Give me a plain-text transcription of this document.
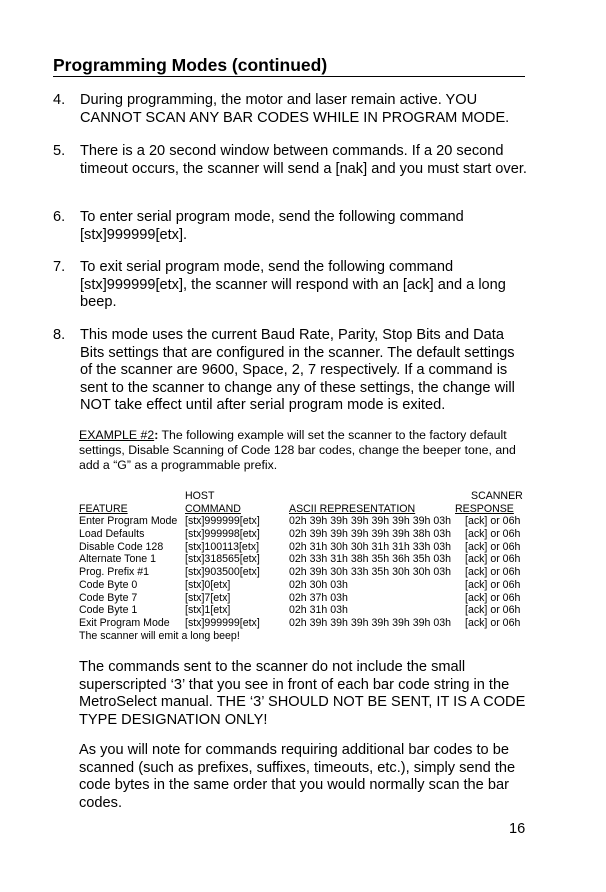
Programming Modes (continued)
4.	During programming, the motor and laser remain active. YOU CANNOT SCAN ANY BAR CODES WHILE IN PROGRAM MODE.
5.	There is a 20 second window between commands. If a 20 second timeout occurs, the scanner will send a [nak] and you must start over.
6.	To enter serial program mode, send the following command [stx]999999[etx].
7.	To exit serial program mode, send the following command [stx]999999[etx], the scanner will respond with an [ack] and a long beep.
8.	This mode uses the current Baud Rate, Parity, Stop Bits and Data Bits settings that are configured in the scanner. The default settings of the scanner are 9600, Space, 2, 7 respectively. If a command is sent to the scanner to change any of these settings, the change will NOT take effect until after serial program mode is exited.
EXAMPLE #2: The following example will set the scanner to the factory default settings, Disable Scanning of Code 128 bar codes, change the beeper tone, and add a “G” as a programmable prefix.
HOST	SCANNER
FEATURE	COMMAND	ASCII REPRESENTATION	RESPONSE
Enter Program Mode [stx]999999[etx]	02h 39h 39h 39h 39h 39h 39h 03h [ack] or 06h
Load Defaults	[stx]999998[etx]	02h 39h 39h 39h 39h 39h 38h 03h [ack] or 06h
Disable Code 128 [stx]100113[etx]	02h 31h 30h 30h 31h 31h 33h 03h [ack] or 06h
Alternate Tone 1	[stx]318565[etx]	02h 33h 31h 38h 35h 36h 35h 03h [ack] or 06h
Prog. Prefix #1	[stx]903500[etx]	02h 39h 30h 33h 35h 30h 30h 03h [ack] or 06h
Code Byte 0	[stx]0[etx]	02h 30h 03h	[ack] or 06h
Code Byte 7	[stx]7[etx]	02h 37h 03h	[ack] or 06h
Code Byte 1	[stx]1[etx]	02h 31h 03h	[ack] or 06h
Exit Program Mode [stx]999999[etx]	02h 39h 39h 39h 39h 39h 39h 03h [ack] or 06h
The scanner will emit a long beep!
The commands sent to the scanner do not include the small superscripted ‘3’ that you see in front of each bar code string in the MetroSelect manual. THE ‘3’ SHOULD NOT BE SENT, IT IS A CODE TYPE DESIGNATION ONLY!
As you will note for commands requiring additional bar codes to be scanned (such as prefixes, suffixes, timeouts, etc.), simply send the code bytes in the same order that you would normally scan the bar codes.
16
